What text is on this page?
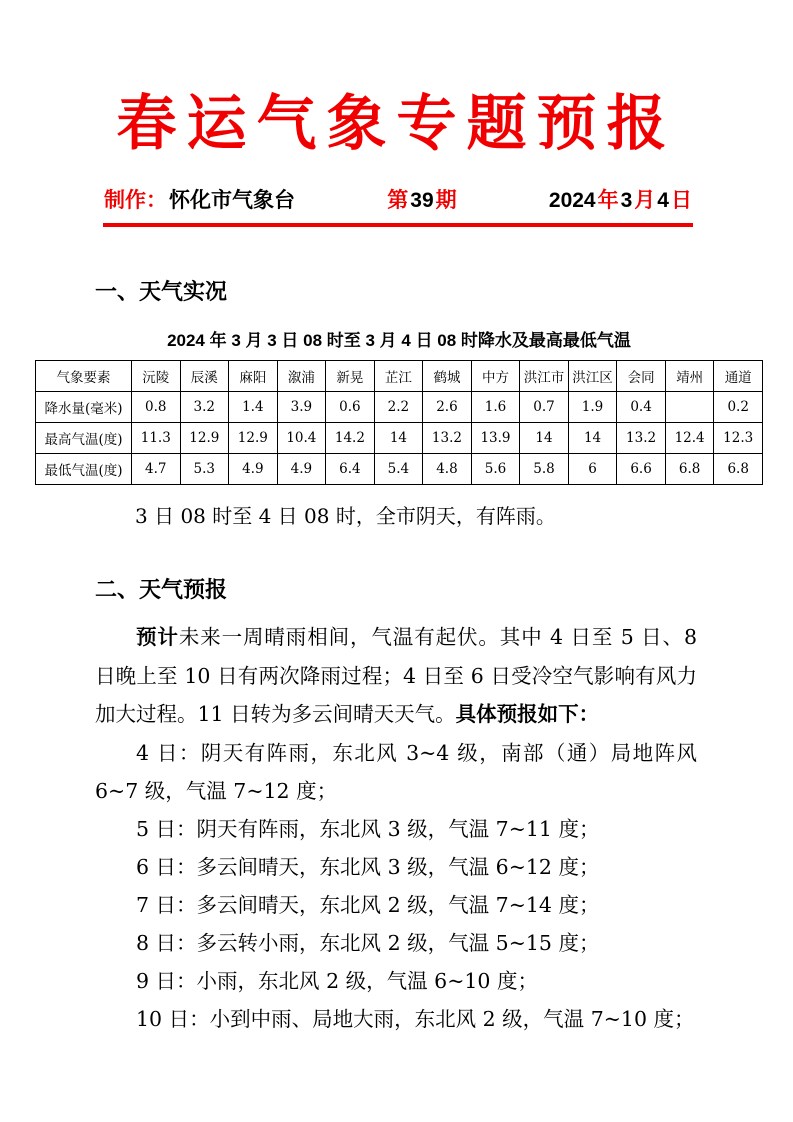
春运气象专题预报
制作：怀化市气象台	第39期	2024年3月4日
一、天气实况
2024 年 3 月 3 日 08 时至 3 月 4 日 08 时降水及最高最低气温
气象要素	沅陵	辰溪	麻阳	溆浦	新晃	芷江	鹤城	中方	洪江市	洪江区	会同	靖州	通道
降水量(毫米)	0.8	3.2	1.4	3.9	0.6	2.2	2.6	1.6	0.7	1.9	0.4		0.2
最高气温(度)	11.3	12.9	12.9	10.4	14.2	14	13.2	13.9	14	14	13.2	12.4	12.3
最低气温(度)	4.7	5.3	4.9	4.9	6.4	5.4	4.8	5.6	5.8	6	6.6	6.8	6.8

3 日 08 时至 4 日 08 时，全市阴天，有阵雨。

二、天气预报

预计未来一周晴雨相间，气温有起伏。其中 4 日至 5 日、8 日晚上至 10 日有两次降雨过程；4 日至 6 日受冷空气影响有风力加大过程。11 日转为多云间晴天天气。具体预报如下：

4 日：阴天有阵雨，东北风 3~4 级，南部（通）局地阵风 6~7 级，气温 7~12 度；

5 日：阴天有阵雨，东北风 3 级，气温 7~11 度；

6 日：多云间晴天，东北风 3 级，气温 6~12 度；

7 日：多云间晴天，东北风 2 级，气温 7~14 度；

8 日：多云转小雨，东北风 2 级，气温 5~15 度；

9 日：小雨，东北风 2 级，气温 6~10 度；

10 日：小到中雨、局地大雨，东北风 2 级，气温 7~10 度；
